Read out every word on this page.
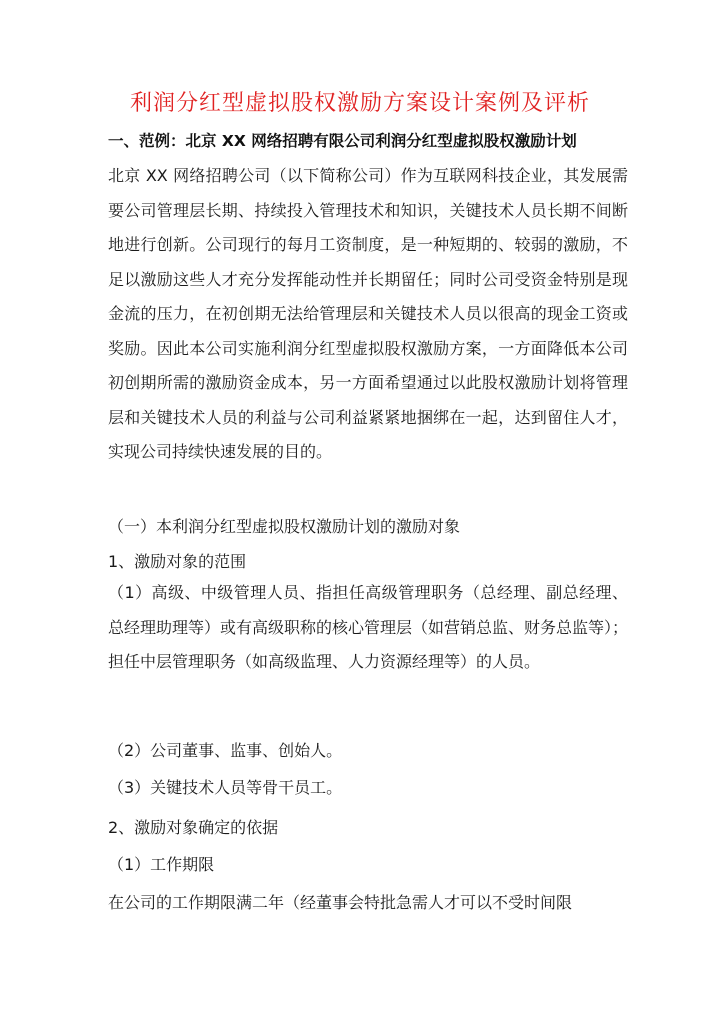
利润分红型虚拟股权激励方案设计案例及评析
一、范例：北京 XX 网络招聘有限公司利润分红型虚拟股权激励计划
北京 XX 网络招聘公司（以下简称公司）作为互联网科技企业，其发展需要公司管理层长期、持续投入管理技术和知识，关键技术人员长期不间断地进行创新。公司现行的每月工资制度，是一种短期的、较弱的激励，不足以激励这些人才充分发挥能动性并长期留任；同时公司受资金特别是现金流的压力，在初创期无法给管理层和关键技术人员以很高的现金工资或奖励。因此本公司实施利润分红型虚拟股权激励方案，一方面降低本公司初创期所需的激励资金成本，另一方面希望通过以此股权激励计划将管理层和关键技术人员的利益与公司利益紧紧地捆绑在一起，达到留住人才，实现公司持续快速发展的目的。
（一）本利润分红型虚拟股权激励计划的激励对象
1、激励对象的范围
（1）高级、中级管理人员、指担任高级管理职务（总经理、副总经理、总经理助理等）或有高级职称的核心管理层（如营销总监、财务总监等）；担任中层管理职务（如高级监理、人力资源经理等）的人员。
（2）公司董事、监事、创始人。
（3）关键技术人员等骨干员工。
2、激励对象确定的依据
（1）工作期限
在公司的工作期限满二年（经董事会特批急需人才可以不受时间限
